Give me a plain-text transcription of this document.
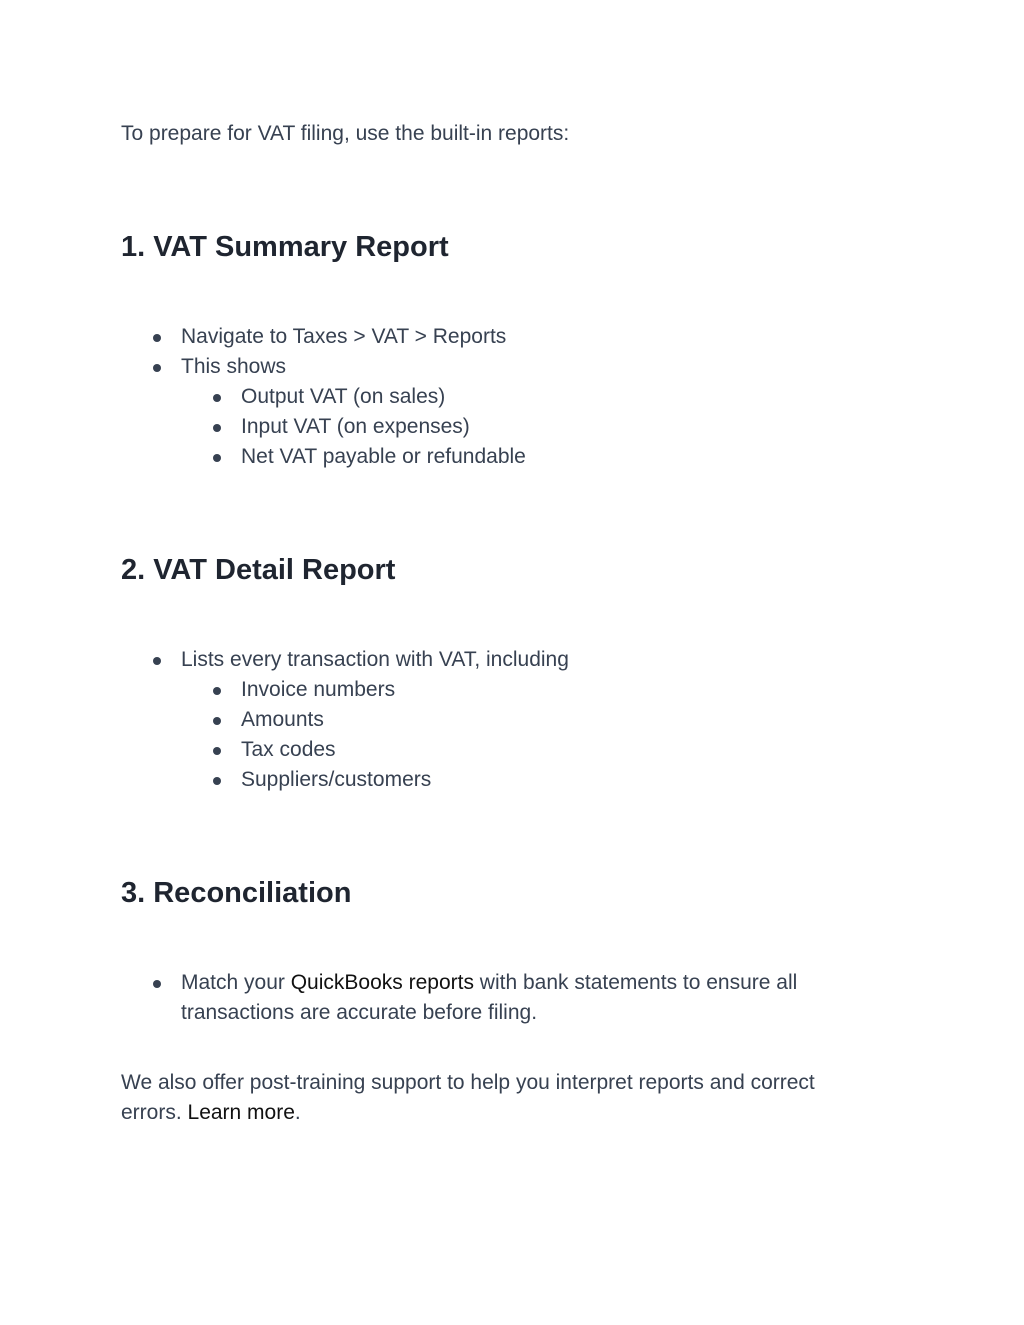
To prepare for VAT filing, use the built-in reports:

1. VAT Summary Report
Navigate to Taxes > VAT > Reports
This shows
Output VAT (on sales)
Input VAT (on expenses)
Net VAT payable or refundable
2. VAT Detail Report
Lists every transaction with VAT, including
Invoice numbers
Amounts
Tax codes
Suppliers/customers
3. Reconciliation
Match your QuickBooks reports with bank statements to ensure all transactions are accurate before filing.

We also offer post-training support to help you interpret reports and correct errors. Learn more.
